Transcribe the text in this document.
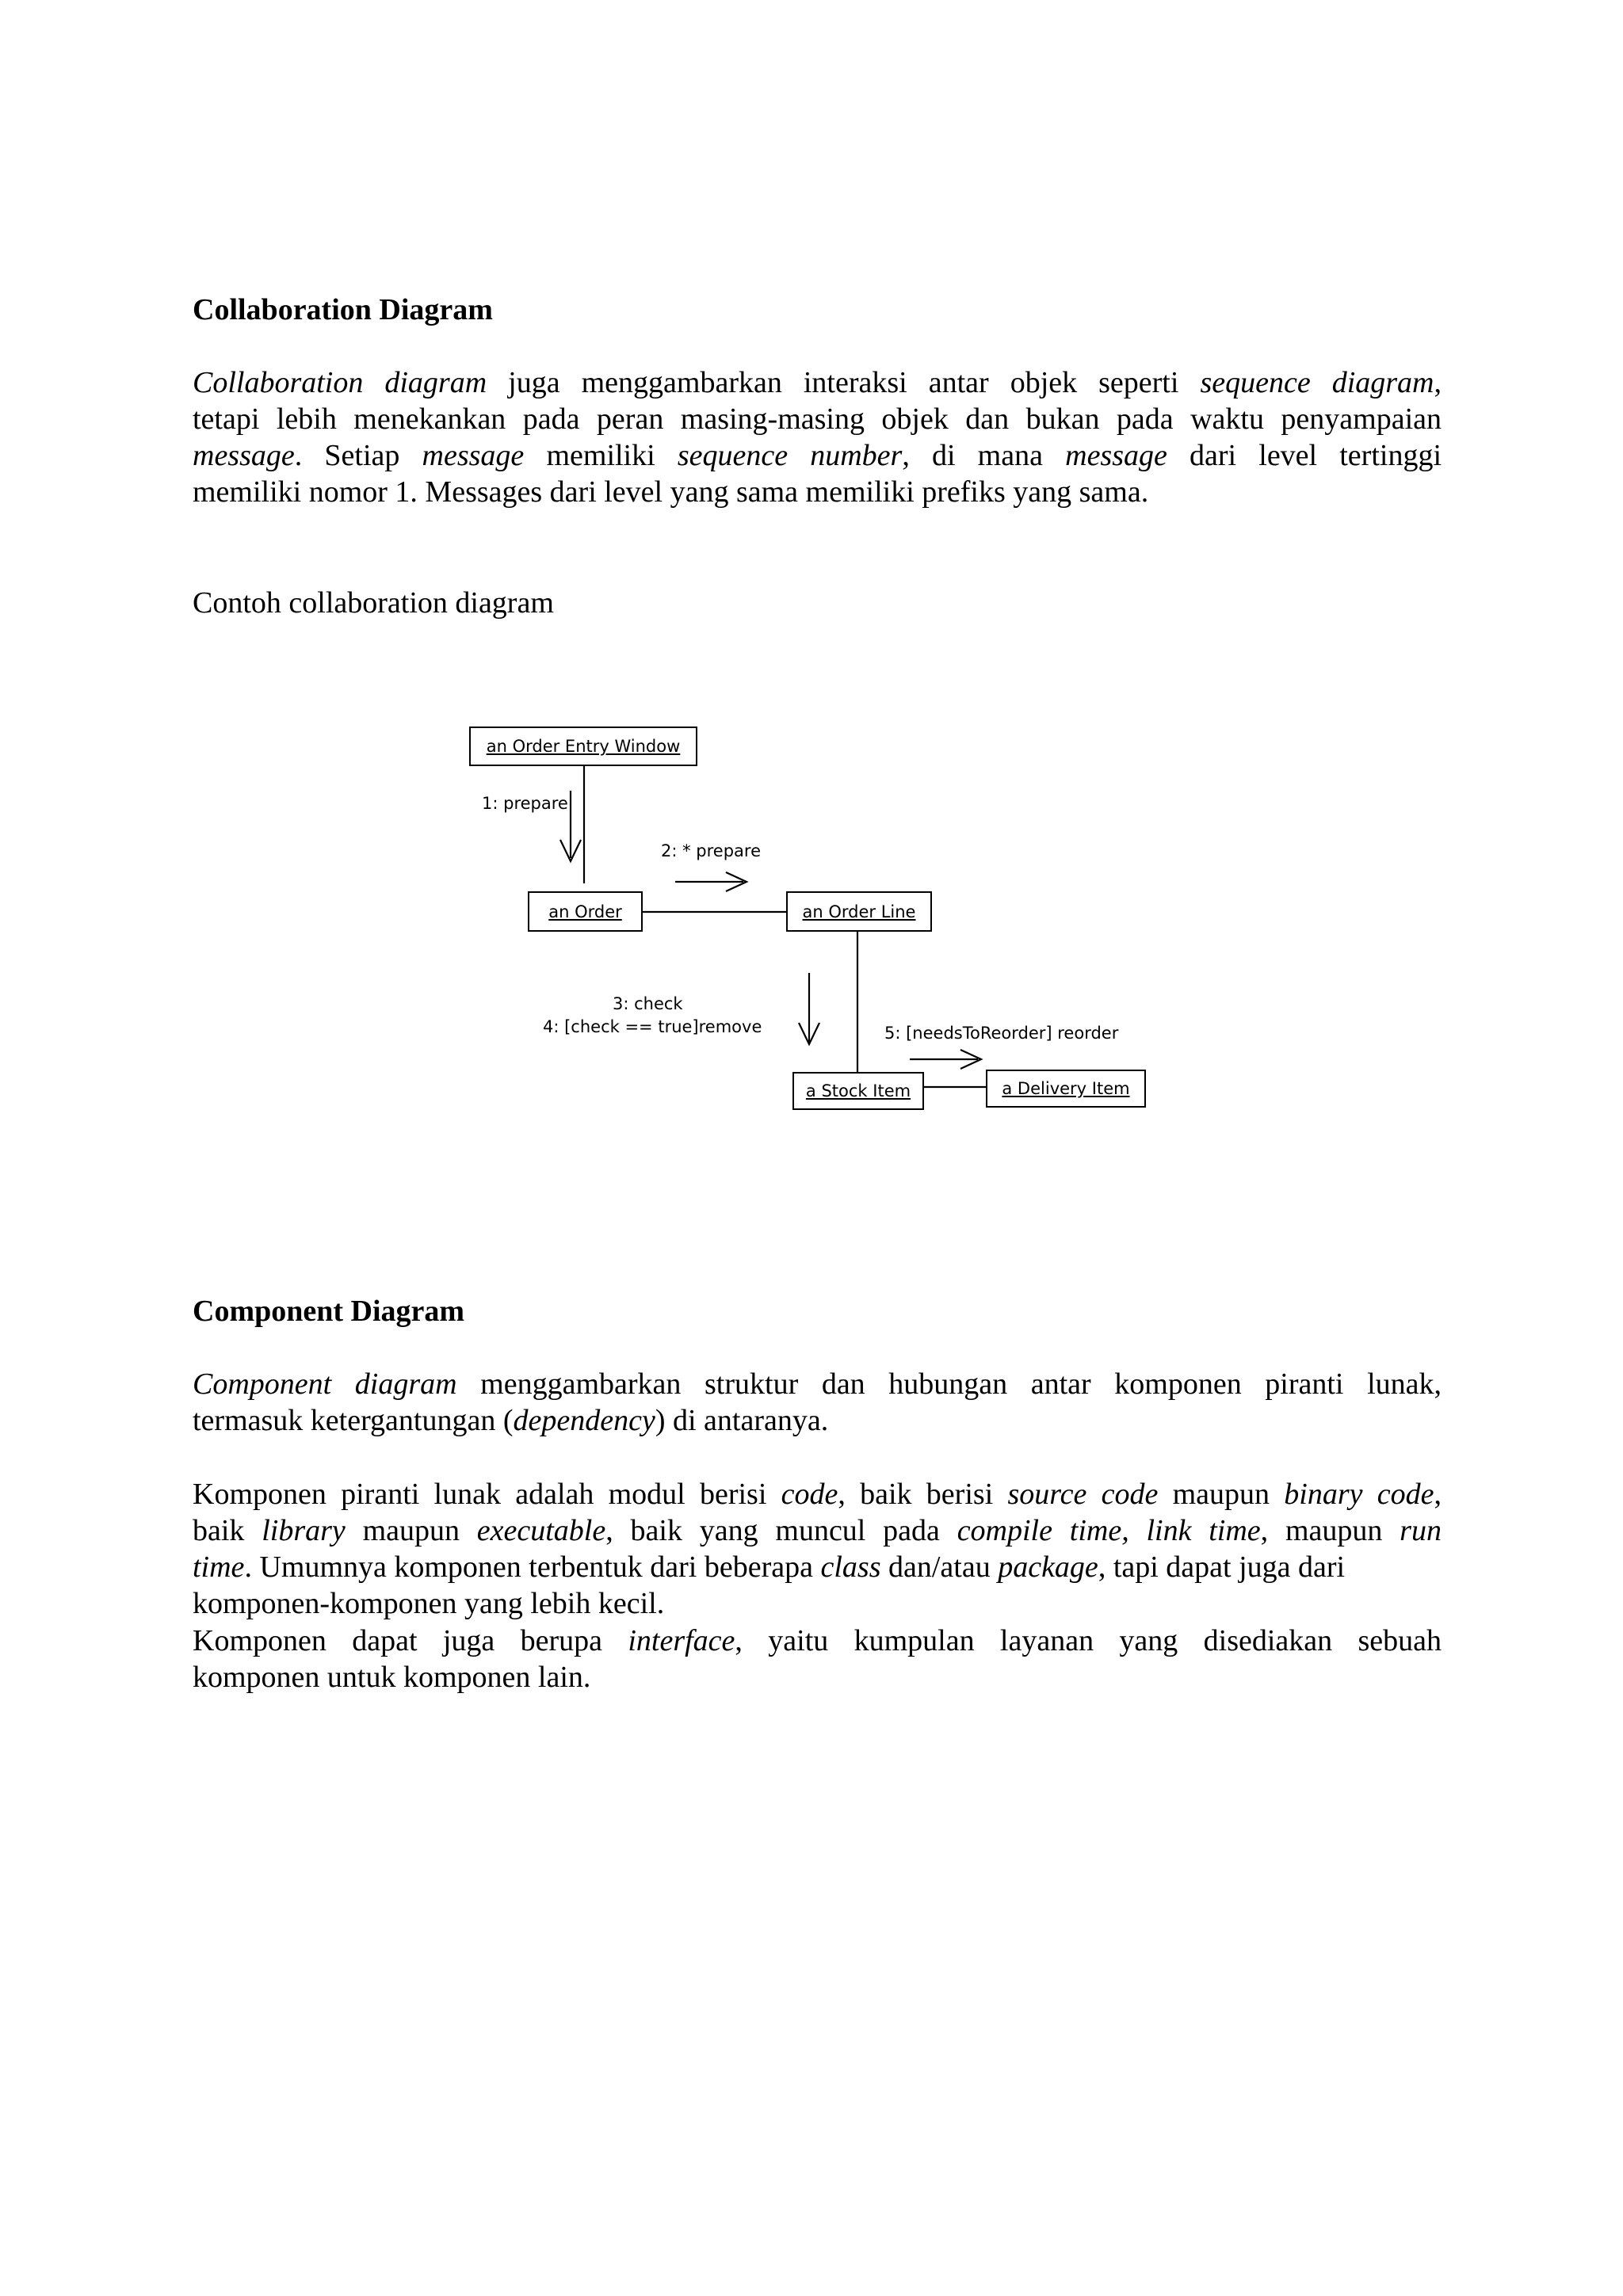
Collaboration Diagram

Collaboration diagram juga menggambarkan interaksi antar objek seperti sequence diagram,
tetapi lebih menekankan pada peran masing-masing objek dan bukan pada waktu penyampaian
message. Setiap message memiliki sequence number, di mana message dari level tertinggi
memiliki nomor 1. Messages dari level yang sama memiliki prefiks yang sama.

Contoh collaboration diagram

an Order Entry Window
an Order	an Order Line
a Stock Item	a Delivery Item
1: prepare
2: * prepare
3: check
4: [check == true]remove	5: [needsToReorder] reorder
Component Diagram

Component diagram menggambarkan struktur dan hubungan antar komponen piranti lunak,
termasuk ketergantungan (dependency) di antaranya.

Komponen piranti lunak adalah modul berisi code, baik berisi source code maupun binary code,
baik library maupun executable, baik yang muncul pada compile time, link time, maupun run
time. Umumnya komponen terbentuk dari beberapa class dan/atau package, tapi dapat juga dari
komponen-komponen yang lebih kecil.

Komponen dapat juga berupa interface, yaitu kumpulan layanan yang disediakan sebuah
komponen untuk komponen lain.
